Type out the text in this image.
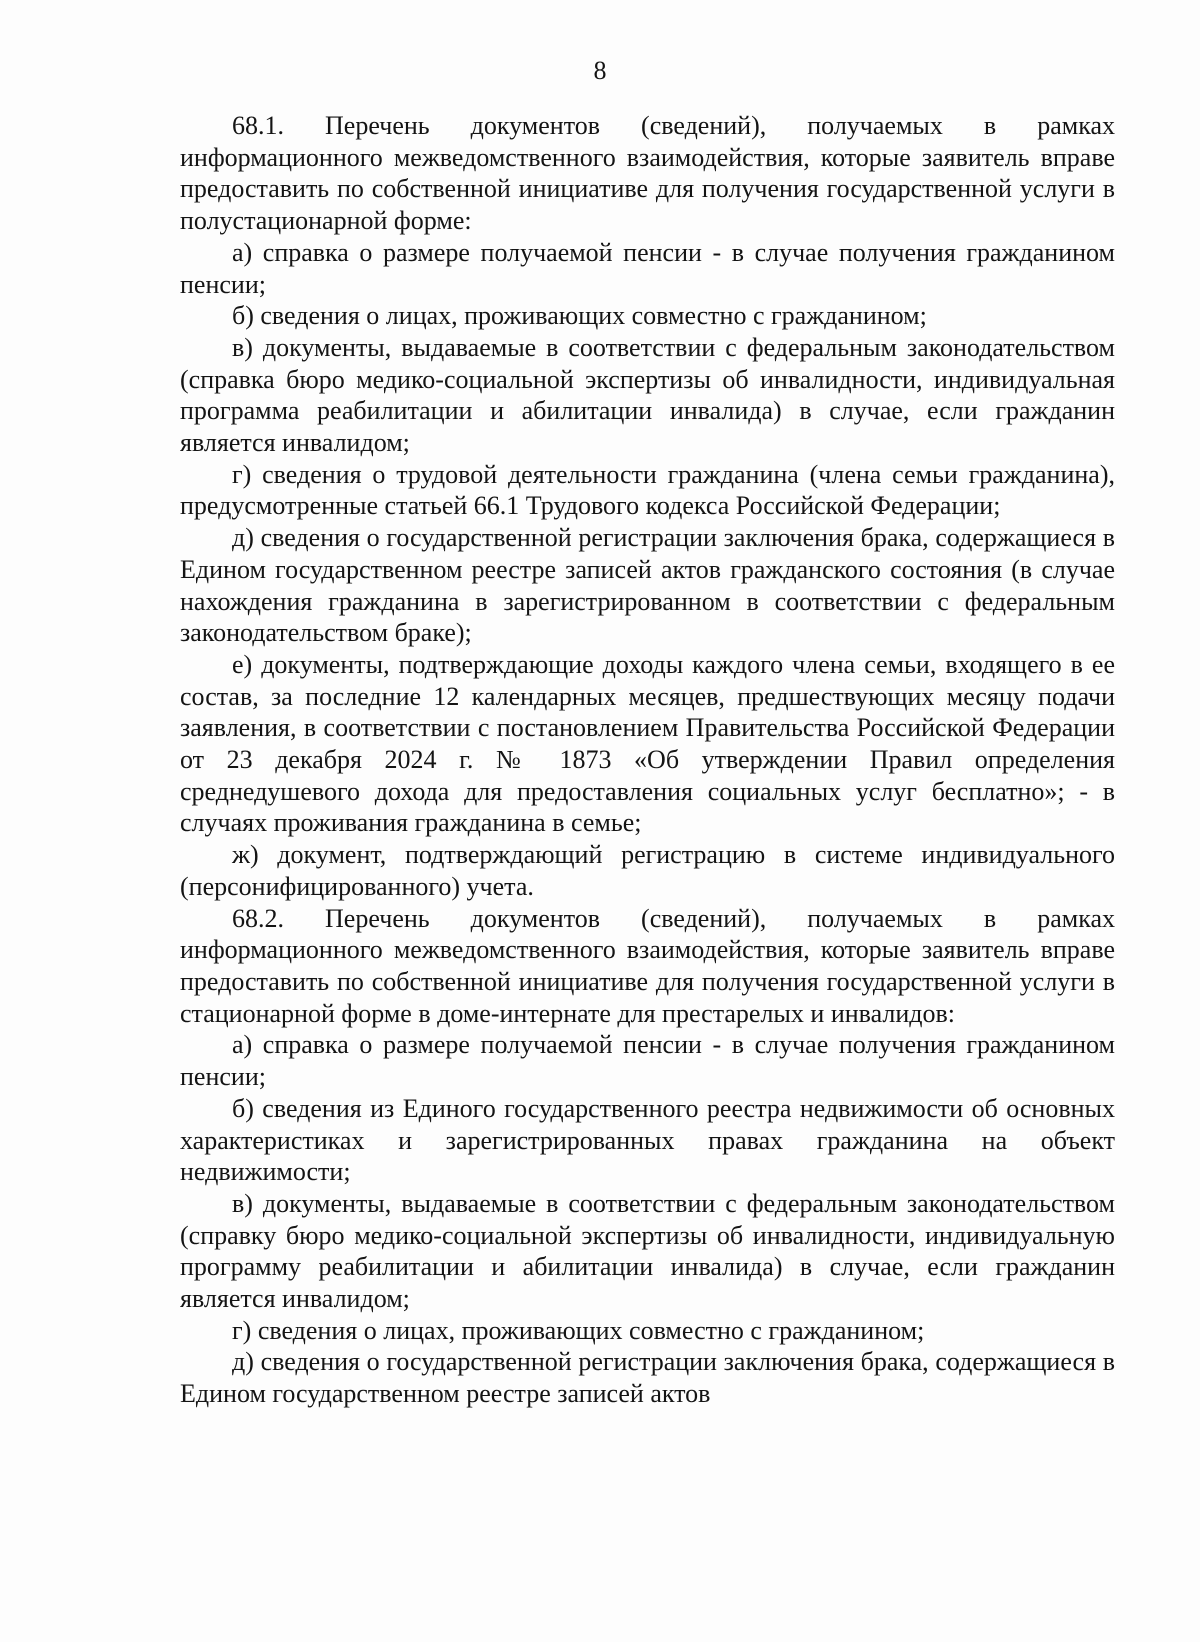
8

68.1. Перечень документов (сведений), получаемых в рамках информационного межведомственного взаимодействия, которые заявитель вправе предоставить по собственной инициативе для получения государственной услуги в полустационарной форме:

а) справка о размере получаемой пенсии - в случае получения гражданином пенсии;

б) сведения о лицах, проживающих совместно с гражданином;

в) документы, выдаваемые в соответствии с федеральным законодательством (справка бюро медико-социальной экспертизы об инвалидности, индивидуальная программа реабилитации и абилитации инвалида) в случае, если гражданин является инвалидом;

г) сведения о трудовой деятельности гражданина (члена семьи гражданина), предусмотренные статьей 66.1 Трудового кодекса Российской Федерации;

д) сведения о государственной регистрации заключения брака, содержащиеся в Едином государственном реестре записей актов гражданского состояния (в случае нахождения гражданина в зарегистрированном в соответствии с федеральным законодательством браке);

е) документы, подтверждающие доходы каждого члена семьи, входящего в ее состав, за последние 12 календарных месяцев, предшествующих месяцу подачи заявления, в соответствии с постановлением Правительства Российской Федерации от 23 декабря 2024 г. № 1873 «Об утверждении Правил определения среднедушевого дохода для предоставления социальных услуг бесплатно»; - в случаях проживания гражданина в семье;

ж) документ, подтверждающий регистрацию в системе индивидуального (персонифицированного) учета.

68.2. Перечень документов (сведений), получаемых в рамках информационного межведомственного взаимодействия, которые заявитель вправе предоставить по собственной инициативе для получения государственной услуги в стационарной форме в доме-интернате для престарелых и инвалидов:

а) справка о размере получаемой пенсии - в случае получения гражданином пенсии;

б) сведения из Единого государственного реестра недвижимости об основных характеристиках и зарегистрированных правах гражданина на объект недвижимости;

в) документы, выдаваемые в соответствии с федеральным законодательством (справку бюро медико-социальной экспертизы об инвалидности, индивидуальную программу реабилитации и абилитации инвалида) в случае, если гражданин является инвалидом;

г) сведения о лицах, проживающих совместно с гражданином;

д) сведения о государственной регистрации заключения брака, содержащиеся в Едином государственном реестре записей актов
